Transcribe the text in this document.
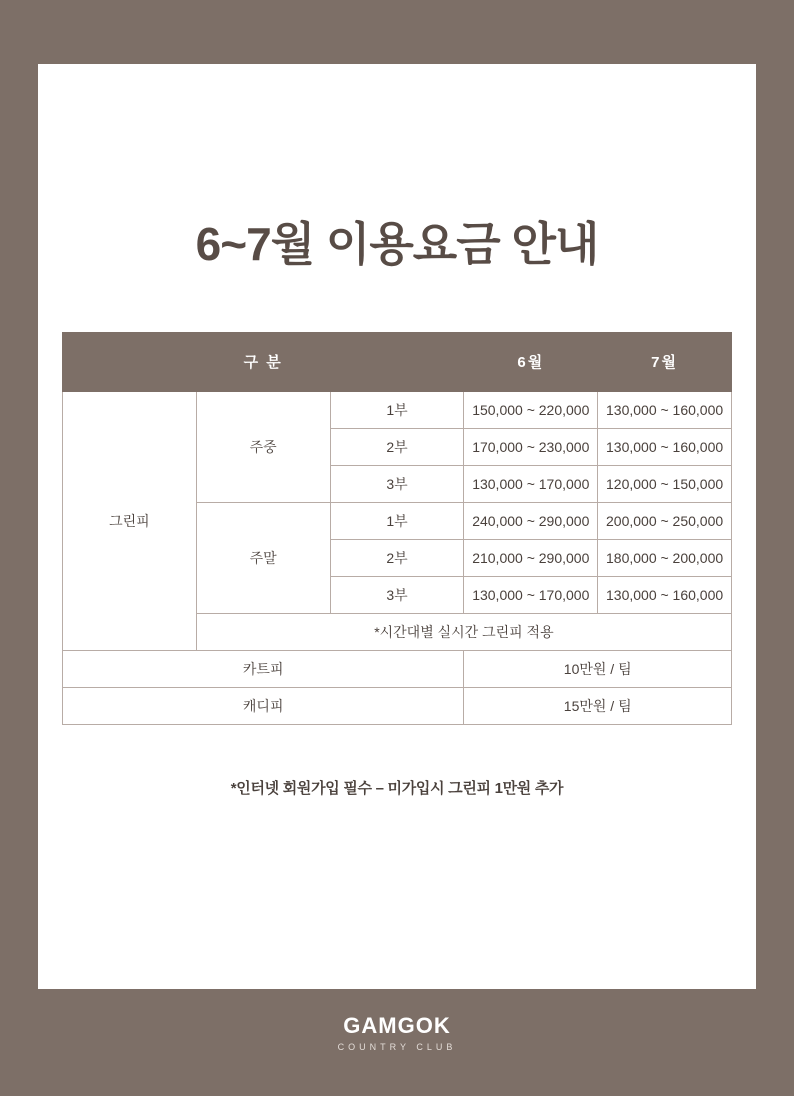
6~7월 이용요금 안내
구 분			6월	7월
그린피	주중	1부	150,000 ~ 220,000	130,000 ~ 160,000
		2부	170,000 ~ 230,000	130,000 ~ 160,000
		3부	130,000 ~ 170,000	120,000 ~ 150,000
	주말	1부	240,000 ~ 290,000	200,000 ~ 250,000
		2부	210,000 ~ 290,000	180,000 ~ 200,000
		3부	130,000 ~ 170,000	130,000 ~ 160,000
	*시간대별 실시간 그린피 적용			
카트피			10만원 / 팀	
캐디피			15만원 / 팀	
*인터넷 회원가입 필수 – 미가입시 그린피 1만원 추가
GAMGOK
COUNTRY CLUB
